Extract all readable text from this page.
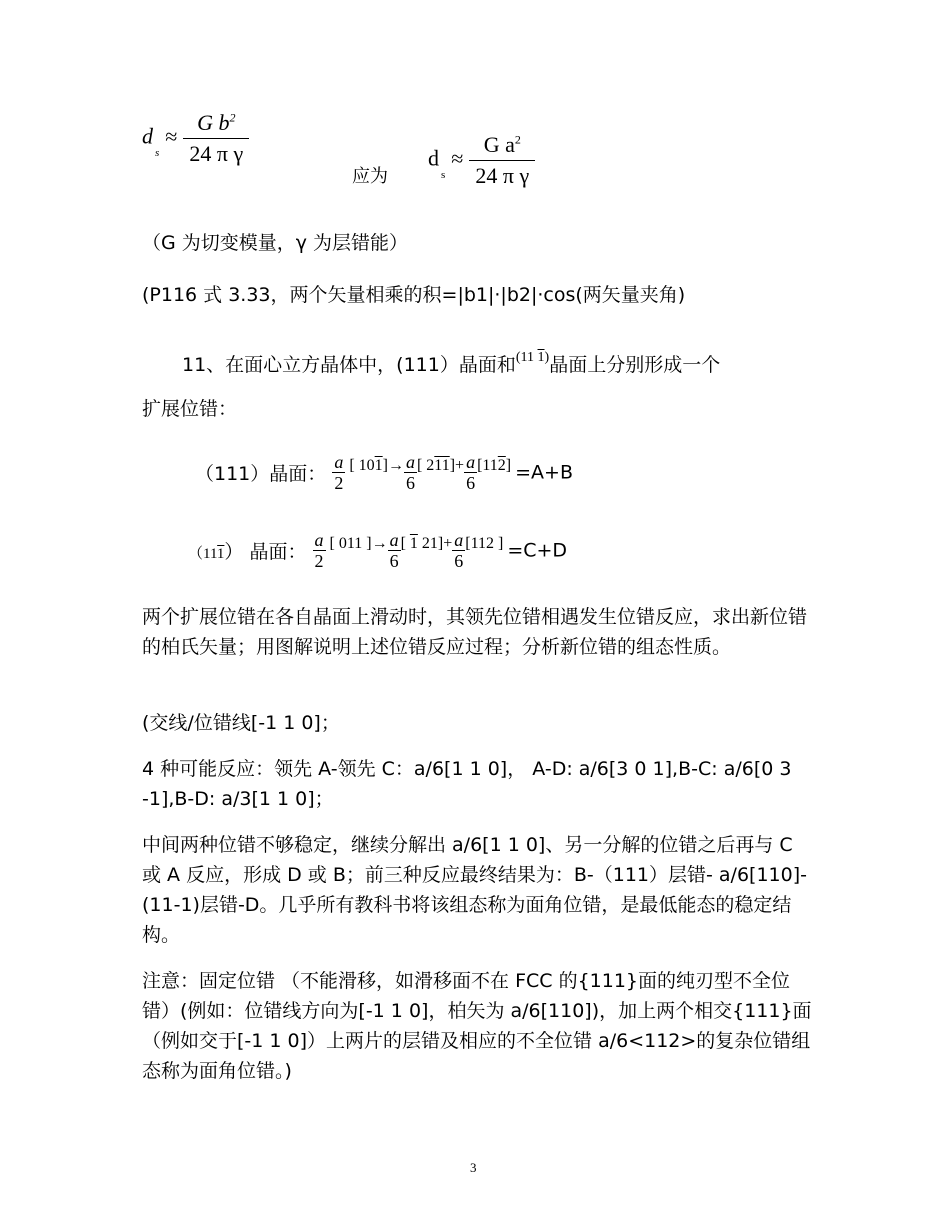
$d_s\approx \frac{G b^2}{\text{24 π γ}}$
应为
$d_s\approx \frac{G a^2}{\text{24 π γ}}$
（G 为切变模量，γ 为层错能）
(P116 式 3.33，两个矢量相乘的积=|b1|·|b2|·cos(两矢量夹角)
11、在面心立方晶体中，(111）晶面和$^{(11 1)}$晶面上分别形成一个
扩展位错：
（111）晶面： $\frac{a}{2}$ [ $101]\to \frac{a}{6}$ [ $211]+ \frac{a}{6} [112] =A+B$
（111） 晶面： $\frac{a}{2}$ [ 011 ]→ $\frac{a}{6}$ [ 1 $21]+ \frac{a}{6} [112$ ] =C+D
两个扩展位错在各自晶面上滑动时，其领先位错相遇发生位错反应，求出新位错的柏氏矢量；用图解说明上述位错反应过程；分析新位错的组态性质。
(交线/位错线[-1 1 0]；
4 种可能反应：领先 A-领先 C：a/6[1 1 0]， A-D: a/6[3 0 1],B-C: a/6[0 3 -1],B-D: a/3[1 1 0]；
中间两种位错不够稳定，继续分解出 a/6[1 1 0]、另一分解的位错之后再与 C 或 A 反应，形成 D 或 B；前三种反应最终结果为：B-（111）层错- a/6[110]-(11-1)层错-D。几乎所有教科书将该组态称为面角位错，是最低能态的稳定结构。
注意：固定位错 （不能滑移，如滑移面不在 FCC 的{111}面的纯刃型不全位错）(例如：位错线方向为[-1 1 0]，柏矢为 a/6[110])，加上两个相交{111}面（例如交于[-1 1 0]）上两片的层错及相应的不全位错 a/6<112>的复杂位错组态称为面角位错。)
3
